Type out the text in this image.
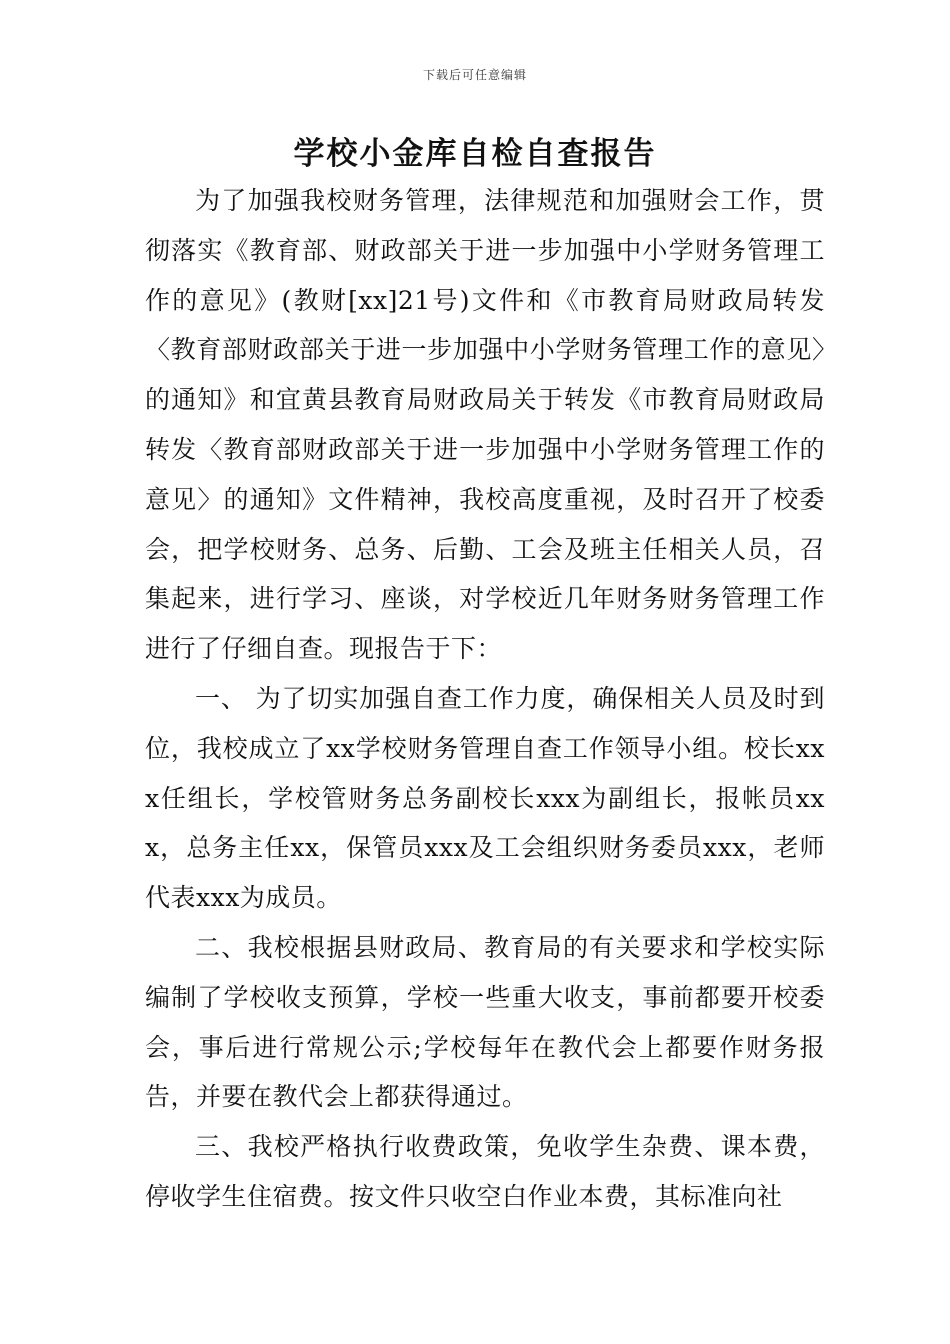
下载后可任意编辑
学校小金库自检自查报告

为了加强我校财务管理，法律规范和加强财会工作，贯彻落实《教育部、财政部关于进一步加强中小学财务管理工作的意见》(教财[xx]21号)文件和《市教育局财政局转发〈教育部财政部关于进一步加强中小学财务管理工作的意见〉的通知》和宜黄县教育局财政局关于转发《市教育局财政局转发〈教育部财政部关于进一步加强中小学财务管理工作的意见〉的通知》文件精神，我校高度重视，及时召开了校委会，把学校财务、总务、后勤、工会及班主任相关人员，召集起来，进行学习、座谈，对学校近几年财务财务管理工作进行了仔细自查。现报告于下：

一、 为了切实加强自查工作力度，确保相关人员及时到位，我校成立了xx学校财务管理自查工作领导小组。校长xxx任组长，学校管财务总务副校长xxx为副组长，报帐员xxx，总务主任xx，保管员xxx及工会组织财务委员xxx，老师代表xxx为成员。

二、我校根据县财政局、教育局的有关要求和学校实际编制了学校收支预算，学校一些重大收支，事前都要开校委会，事后进行常规公示;学校每年在教代会上都要作财务报告，并要在教代会上都获得通过。

三、我校严格执行收费政策，免收学生杂费、课本费，停收学生住宿费。按文件只收空白作业本费，其标准向社
